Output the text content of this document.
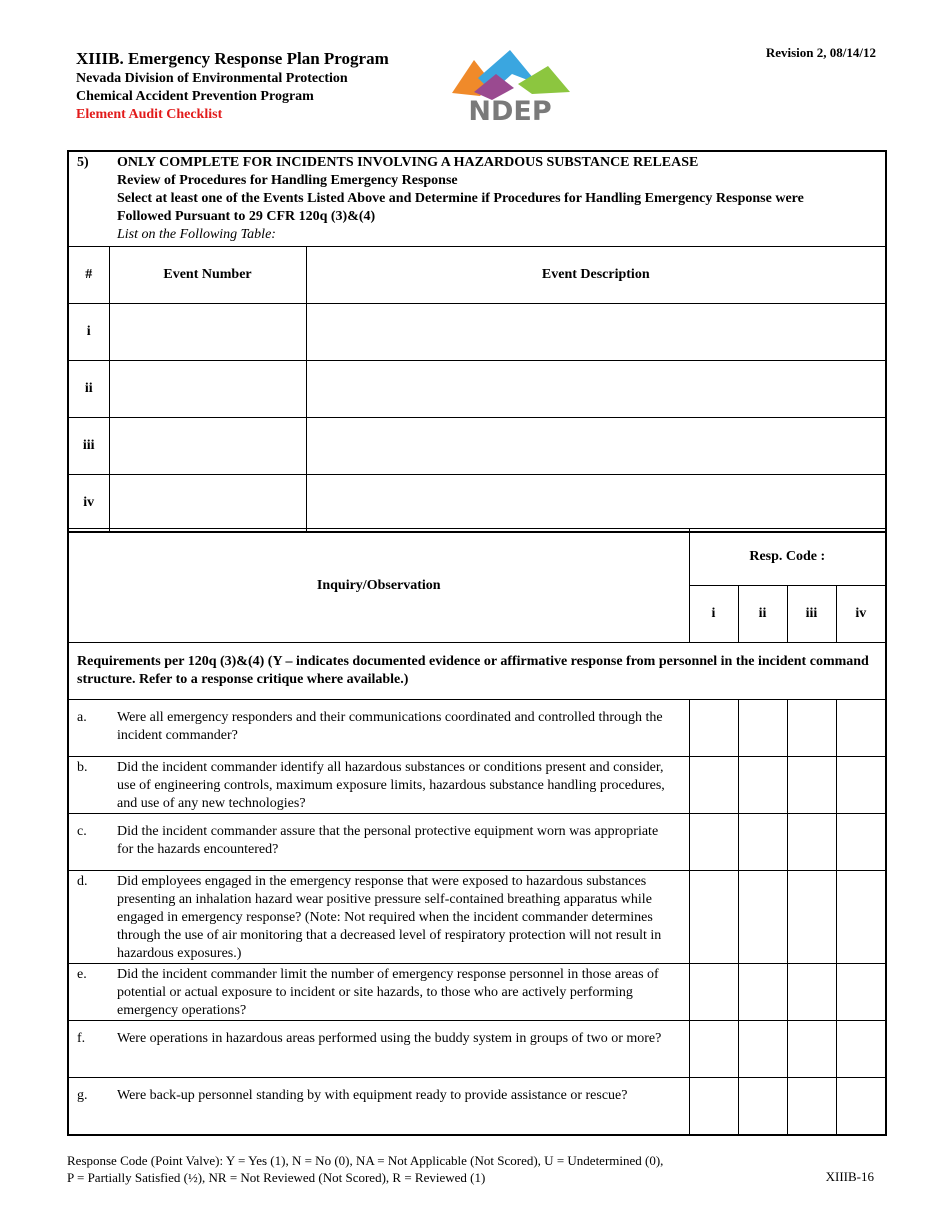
XIIIB. Emergency Response Plan Program
Nevada Division of Environmental Protection
Chemical Accident Prevention Program
Element Audit Checklist	NDEP
Revision 2, 08/14/12
5) ONLY COMPLETE FOR INCIDENTS INVOLVING A HAZARDOUS SUBSTANCE RELEASE
Review of Procedures for Handling Emergency Response
Select at least one of the Events Listed Above and Determine if Procedures for Handling Emergency Response were Followed Pursuant to 29 CFR 120q (3)&(4)
List on the Following Table:		
#	Event Number	Event Description
i		
ii		
iii		
iv		
Inquiry/Observation	Resp. Code :			
	i	ii	iii	iv
Requirements per 120q (3)&(4) (Y – indicates documented evidence or affirmative response from personnel in the incident command structure. Refer to a response critique where available.)				
a. Were all emergency responders and their communications coordinated and controlled through the incident commander?				
b. Did the incident commander identify all hazardous substances or conditions present and consider, use of engineering controls, maximum exposure limits, hazardous substance handling procedures, and use of any new technologies?				
c. Did the incident commander assure that the personal protective equipment worn was appropriate for the hazards encountered?				
d. Did employees engaged in the emergency response that were exposed to hazardous substances presenting an inhalation hazard wear positive pressure self-contained breathing apparatus while engaged in emergency response? (Note: Not required when the incident commander determines through the use of air monitoring that a decreased level of respiratory protection will not result in hazardous exposures.)				
e. Did the incident commander limit the number of emergency response personnel in those areas of potential or actual exposure to incident or site hazards, to those who are actively performing emergency operations?				
f. Were operations in hazardous areas performed using the buddy system in groups of two or more?				
g. Were back-up personnel standing by with equipment ready to provide assistance or rescue?				
Response Code (Point Valve): Y = Yes (1), N = No (0), NA = Not Applicable (Not Scored), U = Undetermined (0),
P = Partially Satisfied (½), NR = Not Reviewed (Not Scored), R = Reviewed (1)	XIIIB-16
